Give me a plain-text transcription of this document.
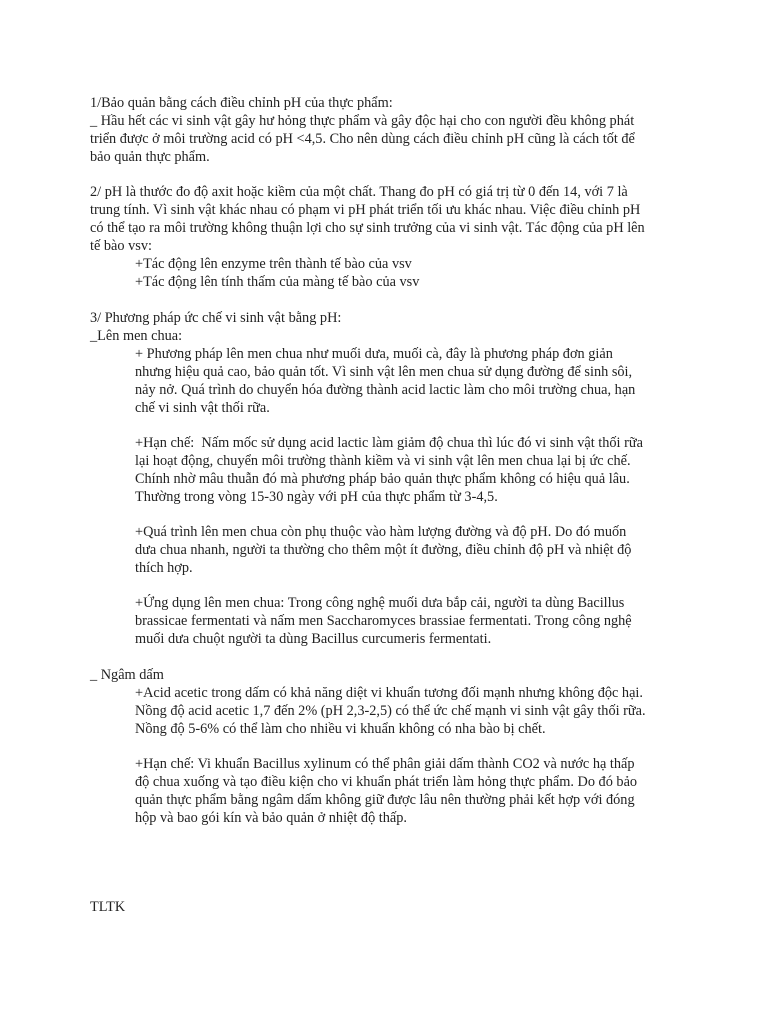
1/Bảo quản bằng cách điều chỉnh pH của thực phẩm:
_ Hầu hết các vi sinh vật gây hư hỏng thực phẩm và gây độc hại cho con người đều không phát
triển được ở môi trường acid có pH <4,5. Cho nên dùng cách điều chỉnh pH cũng là cách tốt để
bảo quản thực phẩm.
2/ pH là thước đo độ axit hoặc kiềm của một chất. Thang đo pH có giá trị từ 0 đến 14, với 7 là
trung tính. Vì sinh vật khác nhau có phạm vi pH phát triển tối ưu khác nhau. Việc điều chỉnh pH
có thể tạo ra môi trường không thuận lợi cho sự sinh trưởng của vi sinh vật. Tác động của pH lên
tế bào vsv:
+Tác động lên enzyme trên thành tế bào của vsv
+Tác động lên tính thấm của màng tế bào của vsv
3/ Phương pháp ức chế vi sinh vật bằng pH:
_Lên men chua:
+ Phương pháp lên men chua như muối dưa, muối cà, đây là phương pháp đơn giản
nhưng hiệu quả cao, bảo quản tốt. Vì sinh vật lên men chua sử dụng đường để sinh sôi,
nảy nở. Quá trình do chuyển hóa đường thành acid lactic làm cho môi trường chua, hạn
chế vi sinh vật thối rữa.
+Hạn chế:  Nấm mốc sử dụng acid lactic làm giảm độ chua thì lúc đó vi sinh vật thối rữa
lại hoạt động, chuyển môi trường thành kiềm và vi sinh vật lên men chua lại bị ức chế.
Chính nhờ mâu thuẫn đó mà phương pháp bảo quản thực phẩm không có hiệu quả lâu.
Thường trong vòng 15-30 ngày với pH của thực phẩm từ 3-4,5.
+Quá trình lên men chua còn phụ thuộc vào hàm lượng đường và độ pH. Do đó muốn
dưa chua nhanh, người ta thường cho thêm một ít đường, điều chỉnh độ pH và nhiệt độ
thích hợp.
+Ứng dụng lên men chua: Trong công nghệ muối dưa bắp cải, người ta dùng Bacillus
brassicae fermentati và nấm men Saccharomyces brassiae fermentati. Trong công nghệ
muối dưa chuột người ta dùng Bacillus curcumeris fermentati.
_ Ngâm dấm
+Acid acetic trong dấm có khả năng diệt vi khuẩn tương đối mạnh nhưng không độc hại.
Nồng độ acid acetic 1,7 đến 2% (pH 2,3-2,5) có thể ức chế mạnh vi sinh vật gây thối rữa.
Nồng độ 5-6% có thể làm cho nhiều vi khuẩn không có nha bào bị chết.
+Hạn chế: Vi khuẩn Bacillus xylinum có thể phân giải dấm thành CO2 và nước hạ thấp
độ chua xuống và tạo điều kiện cho vi khuẩn phát triển làm hỏng thực phẩm. Do đó bảo
quản thực phẩm bằng ngâm dấm không giữ được lâu nên thường phải kết hợp với đóng
hộp và bao gói kín và bảo quản ở nhiệt độ thấp.
TLTK
